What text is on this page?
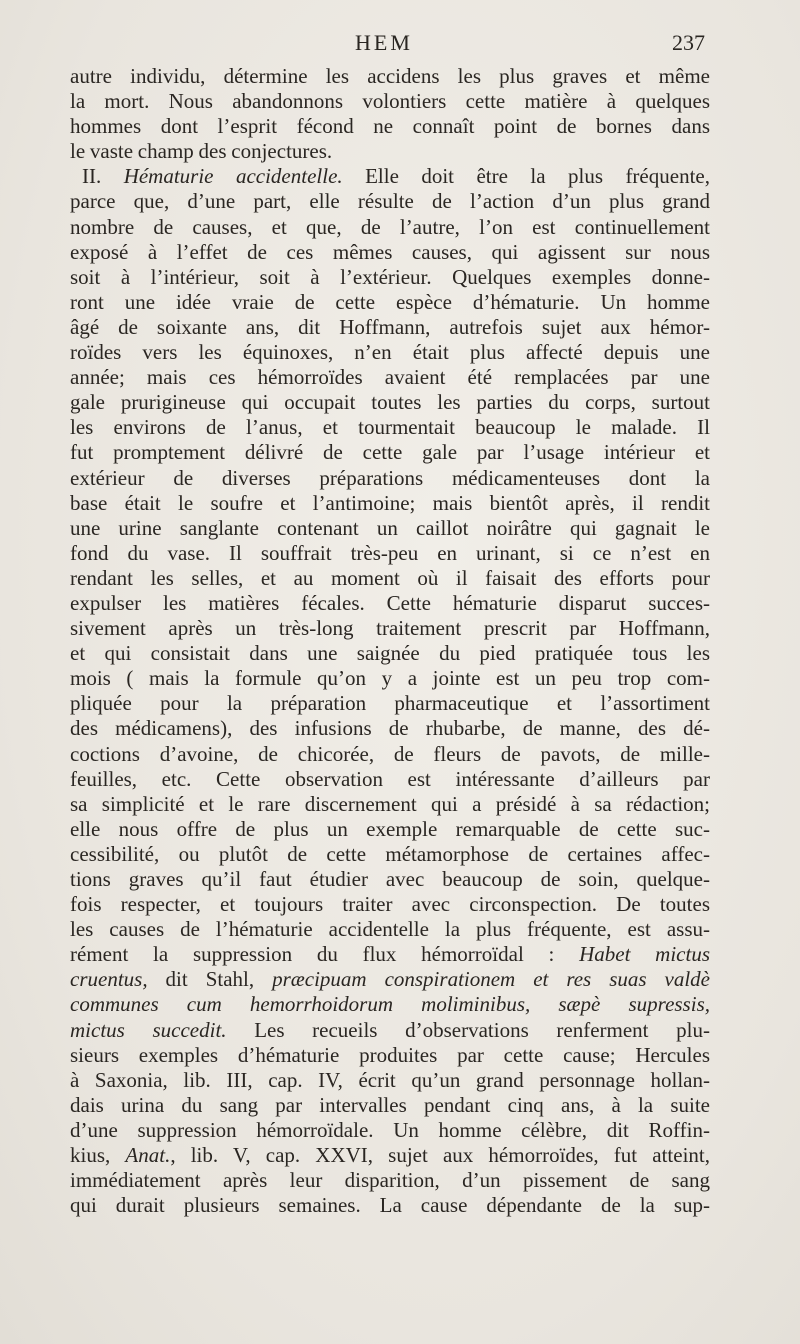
HEM	237
autre individu, détermine les accidens les plus graves et même
la mort. Nous abandonnons volontiers cette matière à quelques
hommes dont l’esprit fécond ne connaît point de bornes dans
le vaste champ des conjectures.
II. Hématurie accidentelle. Elle doit être la plus fréquente,
parce que, d’une part, elle résulte de l’action d’un plus grand
nombre de causes, et que, de l’autre, l’on est continuellement
exposé à l’effet de ces mêmes causes, qui agissent sur nous
soit à l’intérieur, soit à l’extérieur. Quelques exemples donne-
ront une idée vraie de cette espèce d’hématurie. Un homme
âgé de soixante ans, dit Hoffmann, autrefois sujet aux hémor-
roïdes vers les équinoxes, n’en était plus affecté depuis une
année; mais ces hémorroïdes avaient été remplacées par une
gale prurigineuse qui occupait toutes les parties du corps, surtout
les environs de l’anus, et tourmentait beaucoup le malade. Il
fut promptement délivré de cette gale par l’usage intérieur et
extérieur de diverses préparations médicamenteuses dont la
base était le soufre et l’antimoine; mais bientôt après, il rendit
une urine sanglante contenant un caillot noirâtre qui gagnait le
fond du vase. Il souffrait très-peu en urinant, si ce n’est en
rendant les selles, et au moment où il faisait des efforts pour
expulser les matières fécales. Cette hématurie disparut succes-
sivement après un très-long traitement prescrit par Hoffmann,
et qui consistait dans une saignée du pied pratiquée tous les
mois ( mais la formule qu’on y a jointe est un peu trop com-
pliquée pour la préparation pharmaceutique et l’assortiment
des médicamens), des infusions de rhubarbe, de manne, des dé-
coctions d’avoine, de chicorée, de fleurs de pavots, de mille-
feuilles, etc. Cette observation est intéressante d’ailleurs par
sa simplicité et le rare discernement qui a présidé à sa rédaction;
elle nous offre de plus un exemple remarquable de cette suc-
cessibilité, ou plutôt de cette métamorphose de certaines affec-
tions graves qu’il faut étudier avec beaucoup de soin, quelque-
fois respecter, et toujours traiter avec circonspection. De toutes
les causes de l’hématurie accidentelle la plus fréquente, est assu-
rément la suppression du flux hémorroïdal : Habet mictus
cruentus, dit Stahl, præcipuam conspirationem et res suas valdè
communes cum hemorrhoidorum moliminibus, sæpè supressis,
mictus succedit. Les recueils d’observations renferment plu-
sieurs exemples d’hématurie produites par cette cause; Hercules
à Saxonia, lib. III, cap. IV, écrit qu’un grand personnage hollan-
dais urina du sang par intervalles pendant cinq ans, à la suite
d’une suppression hémorroïdale. Un homme célèbre, dit Roffin-
kius, Anat., lib. V, cap. XXVI, sujet aux hémorroïdes, fut atteint,
immédiatement après leur disparition, d’un pissement de sang
qui durait plusieurs semaines. La cause dépendante de la sup-
